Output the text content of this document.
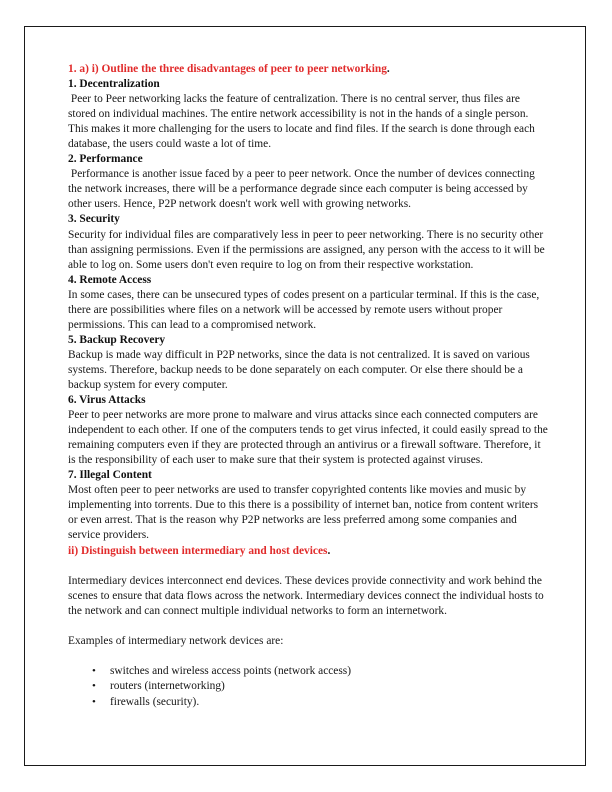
1. a) i) Outline the three disadvantages of peer to peer networking.

1. Decentralization

Peer to Peer networking lacks the feature of centralization. There is no central server, thus files are stored on individual machines. The entire network accessibility is not in the hands of a single person. This makes it more challenging for the users to locate and find files. If the search is done through each database, the users could waste a lot of time.

2. Performance

Performance is another issue faced by a peer to peer network. Once the number of devices connecting the network increases, there will be a performance degrade since each computer is being accessed by other users. Hence, P2P network doesn't work well with growing networks.

3. Security

Security for individual files are comparatively less in peer to peer networking. There is no security other than assigning permissions. Even if the permissions are assigned, any person with the access to it will be able to log on. Some users don't even require to log on from their respective workstation.

4. Remote Access

In some cases, there can be unsecured types of codes present on a particular terminal. If this is the case, there are possibilities where files on a network will be accessed by remote users without proper permissions. This can lead to a compromised network.

5. Backup Recovery

Backup is made way difficult in P2P networks, since the data is not centralized. It is saved on various systems. Therefore, backup needs to be done separately on each computer. Or else there should be a backup system for every computer.

6. Virus Attacks

Peer to peer networks are more prone to malware and virus attacks since each connected computers are independent to each other. If one of the computers tends to get virus infected, it could easily spread to the remaining computers even if they are protected through an antivirus or a firewall software. Therefore, it is the responsibility of each user to make sure that their system is protected against viruses.

7. Illegal Content

Most often peer to peer networks are used to transfer copyrighted contents like movies and music by implementing into torrents. Due to this there is a possibility of internet ban, notice from content writers or even arrest. That is the reason why P2P networks are less preferred among some companies and service providers.

ii) Distinguish between intermediary and host devices.

Intermediary devices interconnect end devices. These devices provide connectivity and work behind the scenes to ensure that data flows across the network. Intermediary devices connect the individual hosts to the network and can connect multiple individual networks to form an internetwork.

Examples of intermediary network devices are:

• switches and wireless access points (network access)
• routers (internetworking)
• firewalls (security).
